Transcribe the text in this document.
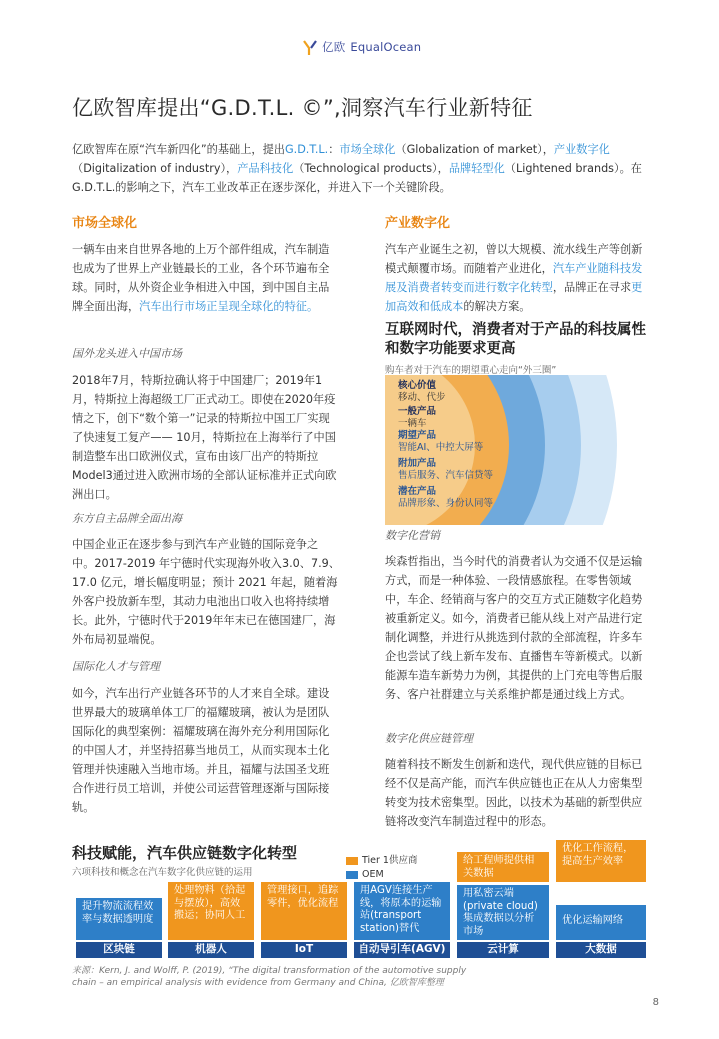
亿欧 EqualOcean
亿欧智库提出“G.D.T.L. ©”,洞察汽车行业新特征

亿欧智库在原“汽车新四化”的基础上，提出G.D.T.L.：市场全球化（Globalization of market），产业数字化（Digitalization of industry），产品科技化（Technological products），品牌轻型化（Lightened brands）。在G.D.T.L.的影响之下，汽车工业改革正在逐步深化，并进入下一个关键阶段。

市场全球化

一辆车由来自世界各地的上万个部件组成，汽车制造也成为了世界上产业链最长的工业，各个环节遍布全球。同时，从外资企业争相进入中国，到中国自主品牌全面出海，汽车出行市场正呈现全球化的特征。

国外龙头进入中国市场

2018年7月，特斯拉确认将于中国建厂；2019年1月，特斯拉上海超级工厂正式动工。即使在2020年疫情之下，创下“数个第一”记录的特斯拉中国工厂实现了快速复工复产—— 10月，特斯拉在上海举行了中国制造整车出口欧洲仪式，宣布由该厂出产的特斯拉Model3通过进入欧洲市场的全部认证标准并正式向欧洲出口。

东方自主品牌全面出海

中国企业正在逐步参与到汽车产业链的国际竞争之中。2017-2019 年宁德时代实现海外收入3.0、7.9、17.0 亿元，增长幅度明显；预计 2021 年起，随着海外客户投放新车型，其动力电池出口收入也将持续增长。此外，宁德时代于2019年年末已在德国建厂，海外布局初显端倪。

国际化人才与管理

如今，汽车出行产业链各环节的人才来自全球。建设世界最大的玻璃单体工厂的福耀玻璃，被认为是团队国际化的典型案例：福耀玻璃在海外充分利用国际化的中国人才，并坚持招募当地员工，从而实现本土化管理并快速融入当地市场。并且，福耀与法国圣戈班合作进行员工培训，并使公司运营管理逐渐与国际接轨。

产业数字化

汽车产业诞生之初，曾以大规模、流水线生产等创新模式颠覆市场。而随着产业进化，汽车产业随科技发展及消费者转变而进行数字化转型，品牌正在寻求更加高效和低成本的解决方案。

互联网时代，消费者对于产品的科技属性和数字功能要求更高
购车者对于汽车的期望重心走向“外三圈”
核心价值
移动、代步
一般产品
一辆车
期望产品
智能AI、中控大屏等
附加产品
售后服务、汽车信贷等
潜在产品
品牌形象、身份认同等
数字化营销

埃森哲指出，当今时代的消费者认为交通不仅是运输方式，而是一种体验、一段情感旅程。在零售领域中，车企、经销商与客户的交互方式正随数字化趋势被重新定义。如今，消费者已能从线上对产品进行定制化调整，并进行从挑选到付款的全部流程，许多车企也尝试了线上新车发布、直播售车等新模式。以新能源车造车新势力为例，其提供的上门充电等售后服务、客户社群建立与关系维护都是通过线上方式。

数字化供应链管理

随着科技不断发生创新和迭代，现代供应链的目标已经不仅是高产能，而汽车供应链也正在从人力密集型转变为技术密集型。因此，以技术为基础的新型供应链将改变汽车制造过程中的形态。

科技赋能，汽车供应链数字化转型
六项科技和概念在汽车数字化供应链的运用
Tier 1供应商
OEM
提升物流流程效率与数据透明度
区块链
处理物料（拾起与摆放），高效搬运；协同人工
机器人
管理接口，追踪零件，优化流程
IoT
用AGV连接生产线，将原本的运输站(transport station)替代
自动导引车(AGV)
给工程师提供相关数据
用私密云端(private cloud)集成数据以分析市场
云计算
优化工作流程，提高生产效率
优化运输网络
大数据
来源：Kern, J. and Wolff, P. (2019), “The digital transformation of the automotive supply chain – an empirical analysis with evidence from Germany and China, 亿欧智库整理
8
